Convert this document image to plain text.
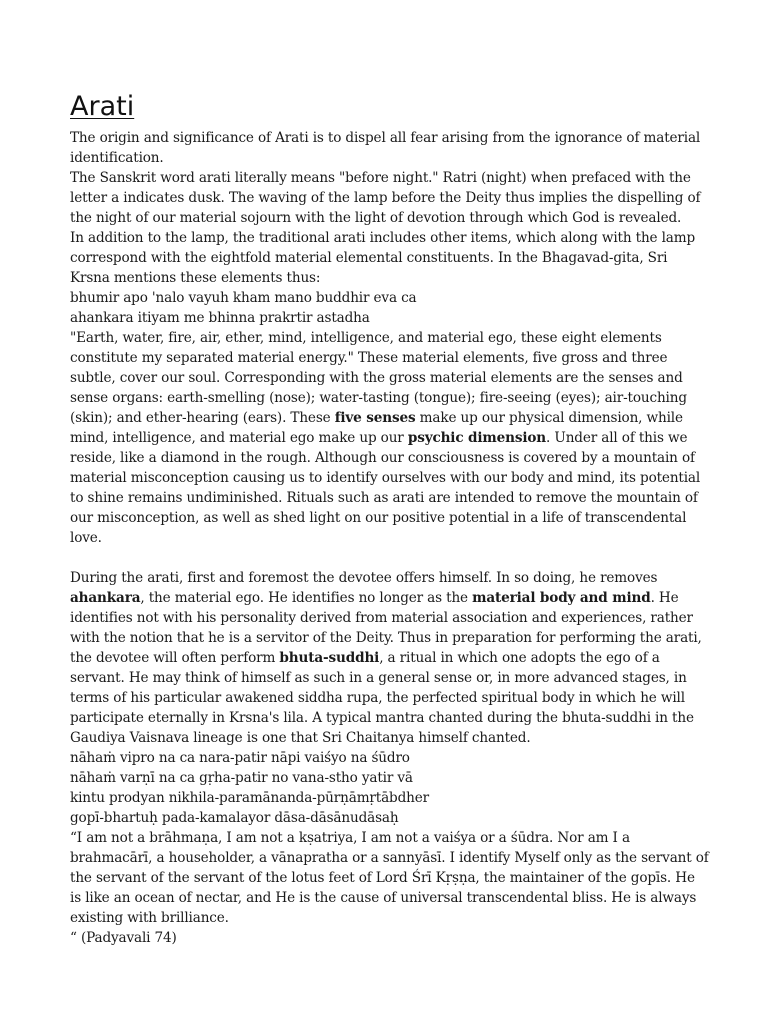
Arati

The origin and significance of Arati is to dispel all fear arising from the ignorance of material identification.

The Sanskrit word arati literally means "before night." Ratri (night) when prefaced with the letter a indicates dusk. The waving of the lamp before the Deity thus implies the dispelling of the night of our material sojourn with the light of devotion through which God is revealed.

In addition to the lamp, the traditional arati includes other items, which along with the lamp correspond with the eightfold material elemental constituents. In the Bhagavad-gita, Sri Krsna mentions these elements thus:

bhumir apo 'nalo vayuh kham mano buddhir eva ca

ahankara itiyam me bhinna prakrtir astadha

"Earth, water, fire, air, ether, mind, intelligence, and material ego, these eight elements constitute my separated material energy." These material elements, five gross and three subtle, cover our soul. Corresponding with the gross material elements are the senses and sense organs: earth-smelling (nose); water-tasting (tongue); fire-seeing (eyes); air-touching (skin); and ether-hearing (ears). These five senses make up our physical dimension, while mind, intelligence, and material ego make up our psychic dimension. Under all of this we reside, like a diamond in the rough. Although our consciousness is covered by a mountain of material misconception causing us to identify ourselves with our body and mind, its potential to shine remains undiminished. Rituals such as arati are intended to remove the mountain of our misconception, as well as shed light on our positive potential in a life of transcendental love.

During the arati, first and foremost the devotee offers himself. In so doing, he removes ahankara, the material ego. He identifies no longer as the material body and mind. He identifies not with his personality derived from material association and experiences, rather with the notion that he is a servitor of the Deity. Thus in preparation for performing the arati, the devotee will often perform bhuta-suddhi, a ritual in which one adopts the ego of a servant. He may think of himself as such in a general sense or, in more advanced stages, in terms of his particular awakened siddha rupa, the perfected spiritual body in which he will participate eternally in Krsna's lila. A typical mantra chanted during the bhuta-suddhi in the Gaudiya Vaisnava lineage is one that Sri Chaitanya himself chanted.

nāhaṁ vipro na ca nara-patir nāpi vaiśyo na śūdro

nāhaṁ varṇī na ca gṛha-patir no vana-stho yatir vā

kintu prodyan nikhila-paramānanda-pūrṇāmṛtābdher

gopī-bhartuḥ pada-kamalayor dāsa-dāsānudāsaḥ

“I am not a brāhmaṇa, I am not a kṣatriya, I am not a vaiśya or a śūdra. Nor am I a brahmacārī, a householder, a vānapratha or a sannyāsī. I identify Myself only as the servant of the servant of the servant of the lotus feet of Lord Śrī Kṛṣṇa, the maintainer of the gopīs. He is like an ocean of nectar, and He is the cause of universal transcendental bliss. He is always existing with brilliance.

“ (Padyavali 74)
